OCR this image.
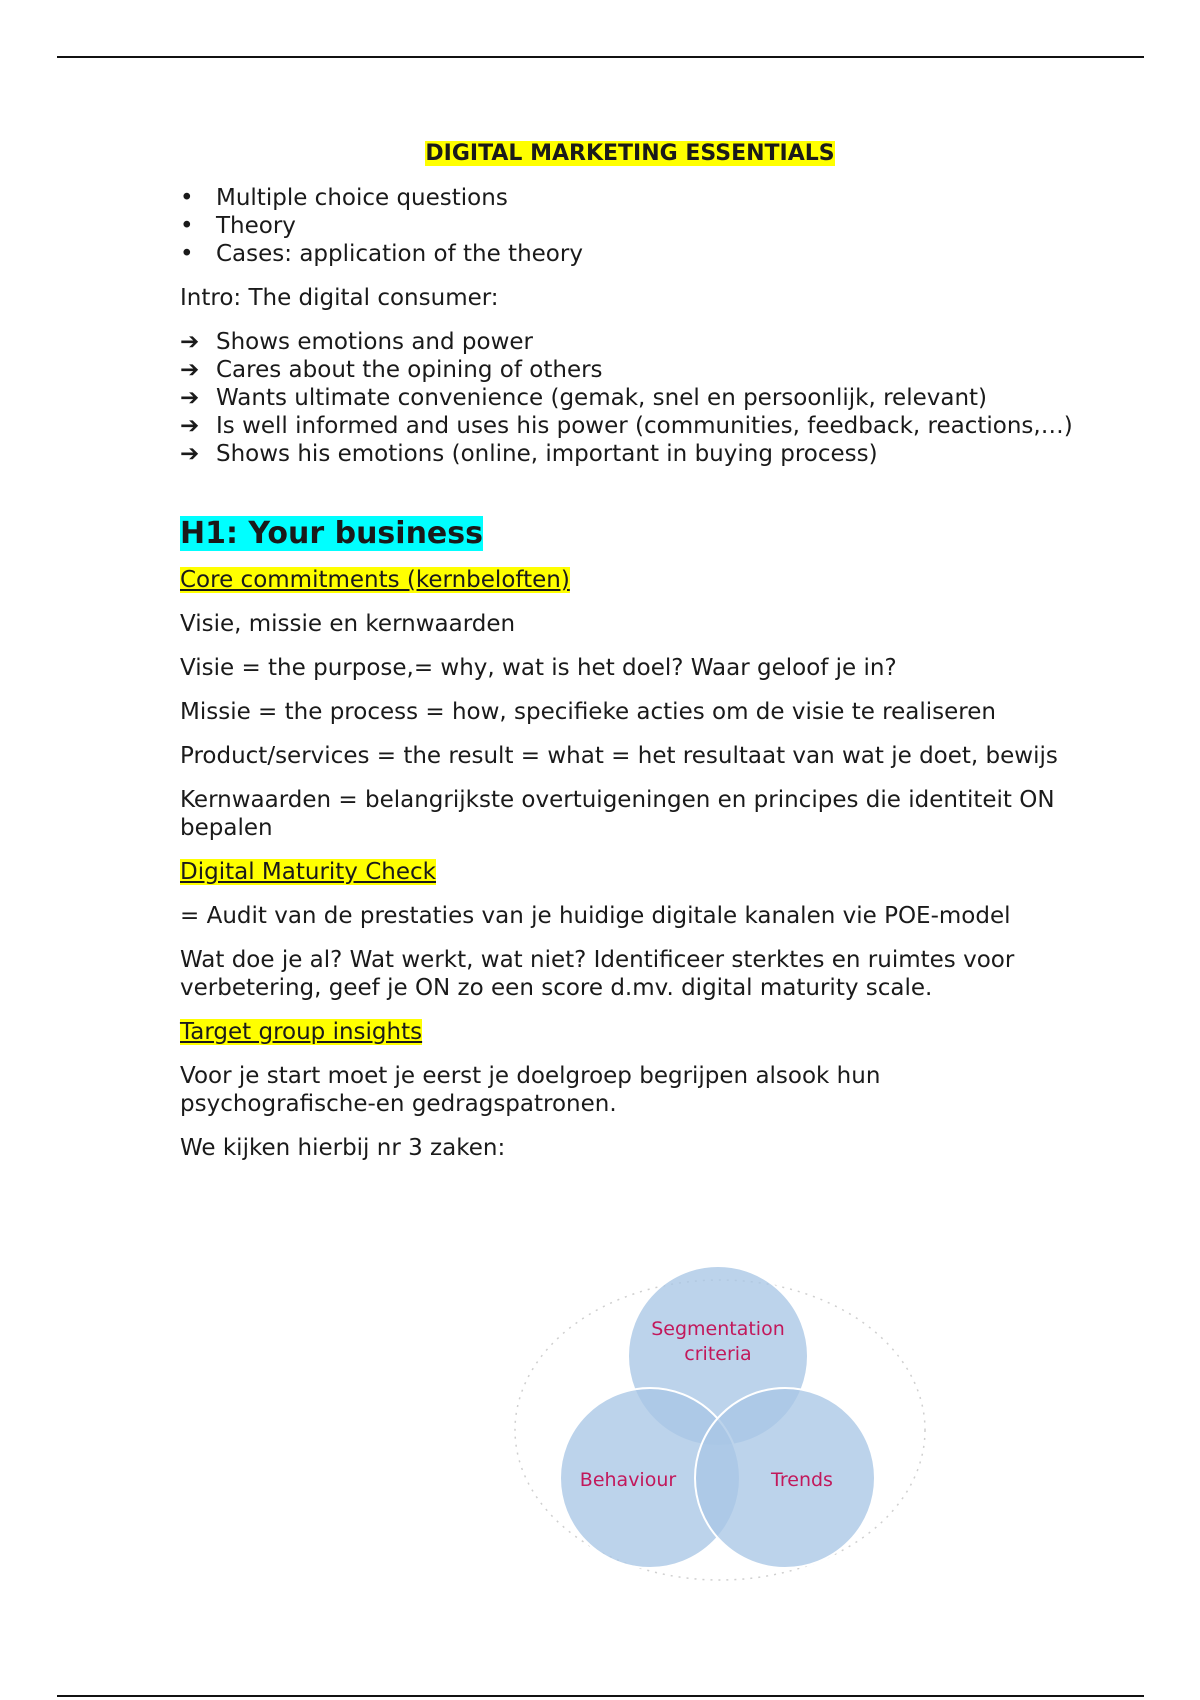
DIGITAL MARKETING ESSENTIALS
• Multiple choice questions
• Theory
• Cases: application of the theory

Intro: The digital consumer:

➔ Shows emotions and power
➔ Cares about the opining of others
➔ Wants ultimate convenience (gemak, snel en persoonlijk, relevant)
➔ Is well informed and uses his power (communities, feedback, reactions,…)
➔ Shows his emotions (online, important in buying process)
H1: Your business
Core commitments (kernbeloften)

Visie, missie en kernwaarden

Visie = the purpose,= why, wat is het doel? Waar geloof je in?

Missie = the process = how, specifieke acties om de visie te realiseren

Product/services = the result = what = het resultaat van wat je doet, bewijs

Kernwaarden = belangrijkste overtuigeningen en principes die identiteit ON bepalen

Digital Maturity Check

= Audit van de prestaties van je huidige digitale kanalen vie POE-model

Wat doe je al? Wat werkt, wat niet? Identificeer sterktes en ruimtes voor verbetering, geef je ON zo een score d.mv. digital maturity scale.

Target group insights

Voor je start moet je eerst je doelgroep begrijpen alsook hun psychografische-en gedragspatronen.

We kijken hierbij nr 3 zaken:

Segmentation
criteria
Behaviour	Trends
